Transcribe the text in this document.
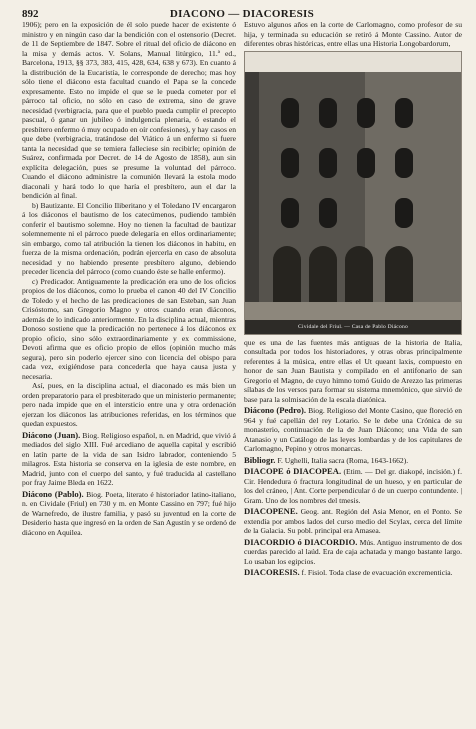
892	DIACONO — DIACORESIS

1906); pero en la exposición de él solo puede hacer de existente ó ministro y en ningún caso dar la bendición con el ostensorio (Decret. de 11 de Septiembre de 1847. Sobre el ritual del oficio de diácono en la misa y demás actos. V. Solans, Manual litúrgico, 11.ª ed., Barcelona, 1913, §§ 373, 383, 415, 428, 634, 638 y 673). En cuanto á la distribución de la Eucaristía, le corresponde de derecho; mas hoy sólo tiene el diácono esta facultad cuando el Papa se la concede expresamente. Esto no impide el que se le pueda cometer por el párroco tal oficio, no sólo en caso de extrema, sino de grave necesidad (verbigracia, para que el pueblo pueda cumplir el precepto pascual, ó ganar un jubileo ó indulgencia plenaria, ó estando el presbítero enfermo ó muy ocupado en oír confesiones), y hay casos en que debe (verbigracia, tratándose del Viático á un enfermo si fuere tanta la necesidad que se temiera falleciese sin recibirle; opinión de Suárez, confirmada por Decret. de 14 de Agosto de 1858), aun sin explícita delegación, pues se presume la voluntad del párroco. Cuando el diácono administre la comunión llevará la estola modo diaconali y hará todo lo que haría el presbítero, aun el dar la bendición al final.

b) Bautizante. El Concilio Iliberitano y el Toledano IV encargaron á los diáconos el bautismo de los catecúmenos, pudiendo también conferir el bautismo solemne. Hoy no tienen la facultad de bautizar solemnemente ni el párroco puede delegaría en ellos ordinariamente; sin embargo, como tal atribución la tienen los diáconos in habitu, en fuerza de la misma ordenación, podrán ejercerla en caso de absoluta necesidad y no habiendo presente presbítero alguno, debiendo preceder licencia del párroco (como cuando éste se halle enfermo).

c) Predicador. Antiguamente la predicación era uno de los oficios propios de los diáconos, como lo prueba el canon 40 del IV Concilio de Toledo y el hecho de las predicaciones de san Esteban, san Juan Crisóstomo, san Gregorio Magno y otros cuando eran diáconos, además de lo indicado anteriormente. En la disciplina actual, mientras Donoso sostiene que la predicación no pertenece á los diáconos ex propio oficio, sino sólo extraordinariamente y ex commissione, Devoti afirma que es oficio propio de ellos (opinión mucho más segura), pero sin poderlo ejercer sino con licencia del obispo para cada vez, exigiéndose para concederla que haya causa justa y necesaria.

Así, pues, en la disciplina actual, el diaconado es más bien un orden preparatorio para el presbiterado que un ministerio permanente; pero nada impide que en el intersticio entre una y otra ordenación ejerzan los diáconos las atribuciones referidas, en los términos que quedan expuestos.

Diácono (Juan). Biog. Religioso español, n. en Madrid, que vivió á mediados del siglo XIII. Fué arcediano de aquella capital y escribió en latín parte de la vida de san Isidro labrador, conteniendo 5 milagros. Esta historia se conserva en la iglesia de este nombre, en Madrid, junto con el cuerpo del santo, y fué traducida al castellano por fray Jaime Bleda en 1622.

Diácono (Pablo). Biog. Poeta, literato é historiador latino-italiano, n. en Cividale (Friul) en 730 y m. en Monte Cassino en 797; fué hijo de Warnefredo, de ilustre familia, y pasó su juventud en la corte de Desiderio hasta que ingresó en la orden de San Agustín y se ordenó de diácono en Aquilea.

Estuvo algunos años en la corte de Carlomagno, como profesor de su hija, y terminada su educación se retiró á Monte Cassino. Autor de diferentes obras históricas, entre ellas una Historia Longobardorum,

Cividale del Friul. — Casa de Pablo Diácono

que es una de las fuentes más antiguas de la historia de Italia, consultada por todos los historiadores, y otras obras principalmente referentes á la música, entre ellas el Ut queant laxis, compuesto en honor de san Juan Bautista y compilado en el antifonario de san Gregorio el Magno, de cuyo himno tomó Guido de Arezzo las primeras sílabas de los versos para formar su sistema mnemónico, que sirvió de base para la solmisación de la escala diatónica.

Diácono (Pedro). Biog. Religioso del Monte Casino, que floreció en 964 y fué capellán del rey Lotario. Se le debe una Crónica de su monasterio, continuación de la de Juan Diácono; una Vida de san Atanasio y un Catálogo de las leyes lombardas y de los capitulares de Carlomagno, Pepino y otros monarcas.

Bibliogr. F. Ughelli, Italia sacra (Roma, 1643-1662).

DIACOPE ó DIACOPEA. (Etim. — Del gr. diakopé, incisión.) f. Cir. Hendedura ó fractura longitudinal de un hueso, y en particular de los del cráneo, | Ant. Corte perpendicular ó de un cuerpo contundente. | Gram. Uno de los nombres del tmesis.

DIACOPENE. Geog. ant. Región del Asia Menor, en el Ponto. Se extendía por ambos lados del curso medio del Scylax, cerca del límite de la Galacia. Su pobl. principal era Amasea.

DIACORDIO ó DIACORDIO. Mús. Antiguo instrumento de dos cuerdas parecido al laúd. Era de caja achatada y mango bastante largo. Lo usaban los egipcios.

DIACORESIS. f. Fisiol. Toda clase de evacuación excrementicia.
